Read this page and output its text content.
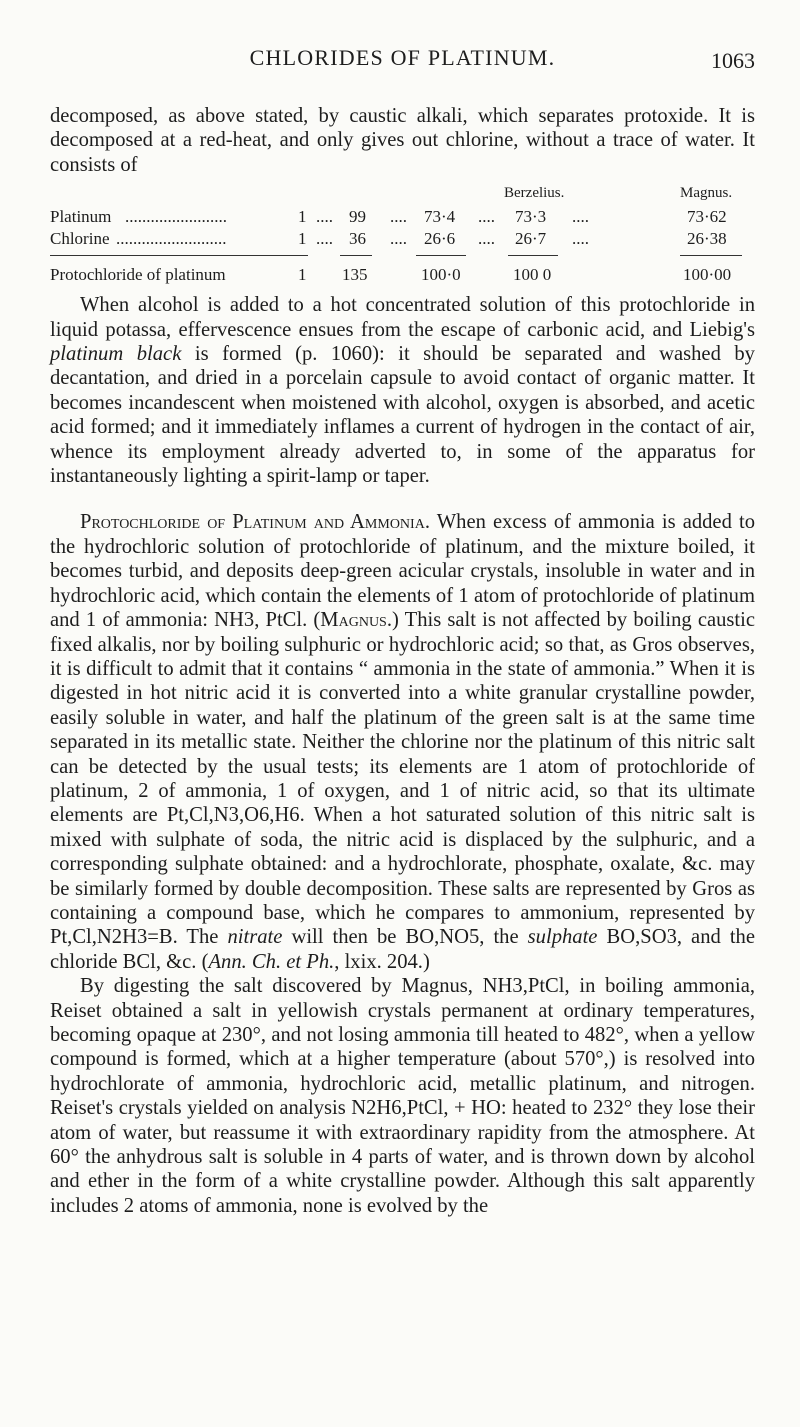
CHLORIDES OF PLATINUM.	1063

decomposed, as above stated, by caustic alkali, which separates protoxide. It is decomposed at a red-heat, and only gives out chlorine, without a trace of water. It consists of

Berzelius.	Magnus.
Platinum ........................	1 .... 99 .... 73·4 .... 73·3 ....	73·62
Chlorine ..........................	1 .... 36 .... 26·6 .... 26·7 ....	26·38
Protochloride of platinum	1 135	100·0	100 0	100·00

When alcohol is added to a hot concentrated solution of this protochloride in liquid potassa, effervescence ensues from the escape of carbonic acid, and Liebig's platinum black is formed (p. 1060): it should be separated and washed by decantation, and dried in a porcelain capsule to avoid contact of organic matter. It becomes incandescent when moistened with alcohol, oxygen is absorbed, and acetic acid formed; and it immediately inflames a current of hydrogen in the contact of air, whence its employment already adverted to, in some of the apparatus for instantaneously lighting a spirit-lamp or taper.

Protochloride of Platinum and Ammonia. When excess of ammonia is added to the hydrochloric solution of protochloride of platinum, and the mixture boiled, it becomes turbid, and deposits deep-green acicular crystals, insoluble in water and in hydrochloric acid, which contain the elements of 1 atom of protochloride of platinum and 1 of ammonia: NH3, PtCl. (Magnus.) This salt is not affected by boiling caustic fixed alkalis, nor by boiling sulphuric or hydrochloric acid; so that, as Gros observes, it is difficult to admit that it contains “ ammonia in the state of ammonia.” When it is digested in hot nitric acid it is converted into a white granular crystalline powder, easily soluble in water, and half the platinum of the green salt is at the same time separated in its metallic state. Neither the chlorine nor the platinum of this nitric salt can be detected by the usual tests; its elements are 1 atom of protochloride of platinum, 2 of ammonia, 1 of oxygen, and 1 of nitric acid, so that its ultimate elements are Pt,Cl,N3,O6,H6. When a hot saturated solution of this nitric salt is mixed with sulphate of soda, the nitric acid is displaced by the sulphuric, and a corresponding sulphate obtained: and a hydrochlorate, phosphate, oxalate, &c. may be similarly formed by double decomposition. These salts are represented by Gros as containing a compound base, which he compares to ammonium, represented by Pt,Cl,N2H3=B. The nitrate will then be BO,NO5, the sulphate BO,SO3, and the chloride BCl, &c. (Ann. Ch. et Ph., lxix. 204.)

By digesting the salt discovered by Magnus, NH3,PtCl, in boiling ammonia, Reiset obtained a salt in yellowish crystals permanent at ordinary temperatures, becoming opaque at 230°, and not losing ammonia till heated to 482°, when a yellow compound is formed, which at a higher temperature (about 570°,) is resolved into hydrochlorate of ammonia, hydrochloric acid, metallic platinum, and nitrogen. Reiset's crystals yielded on analysis N2H6,PtCl, + HO: heated to 232° they lose their atom of water, but reassume it with extraordinary rapidity from the atmosphere. At 60° the anhydrous salt is soluble in 4 parts of water, and is thrown down by alcohol and ether in the form of a white crystalline powder. Although this salt apparently includes 2 atoms of ammonia, none is evolved by the
